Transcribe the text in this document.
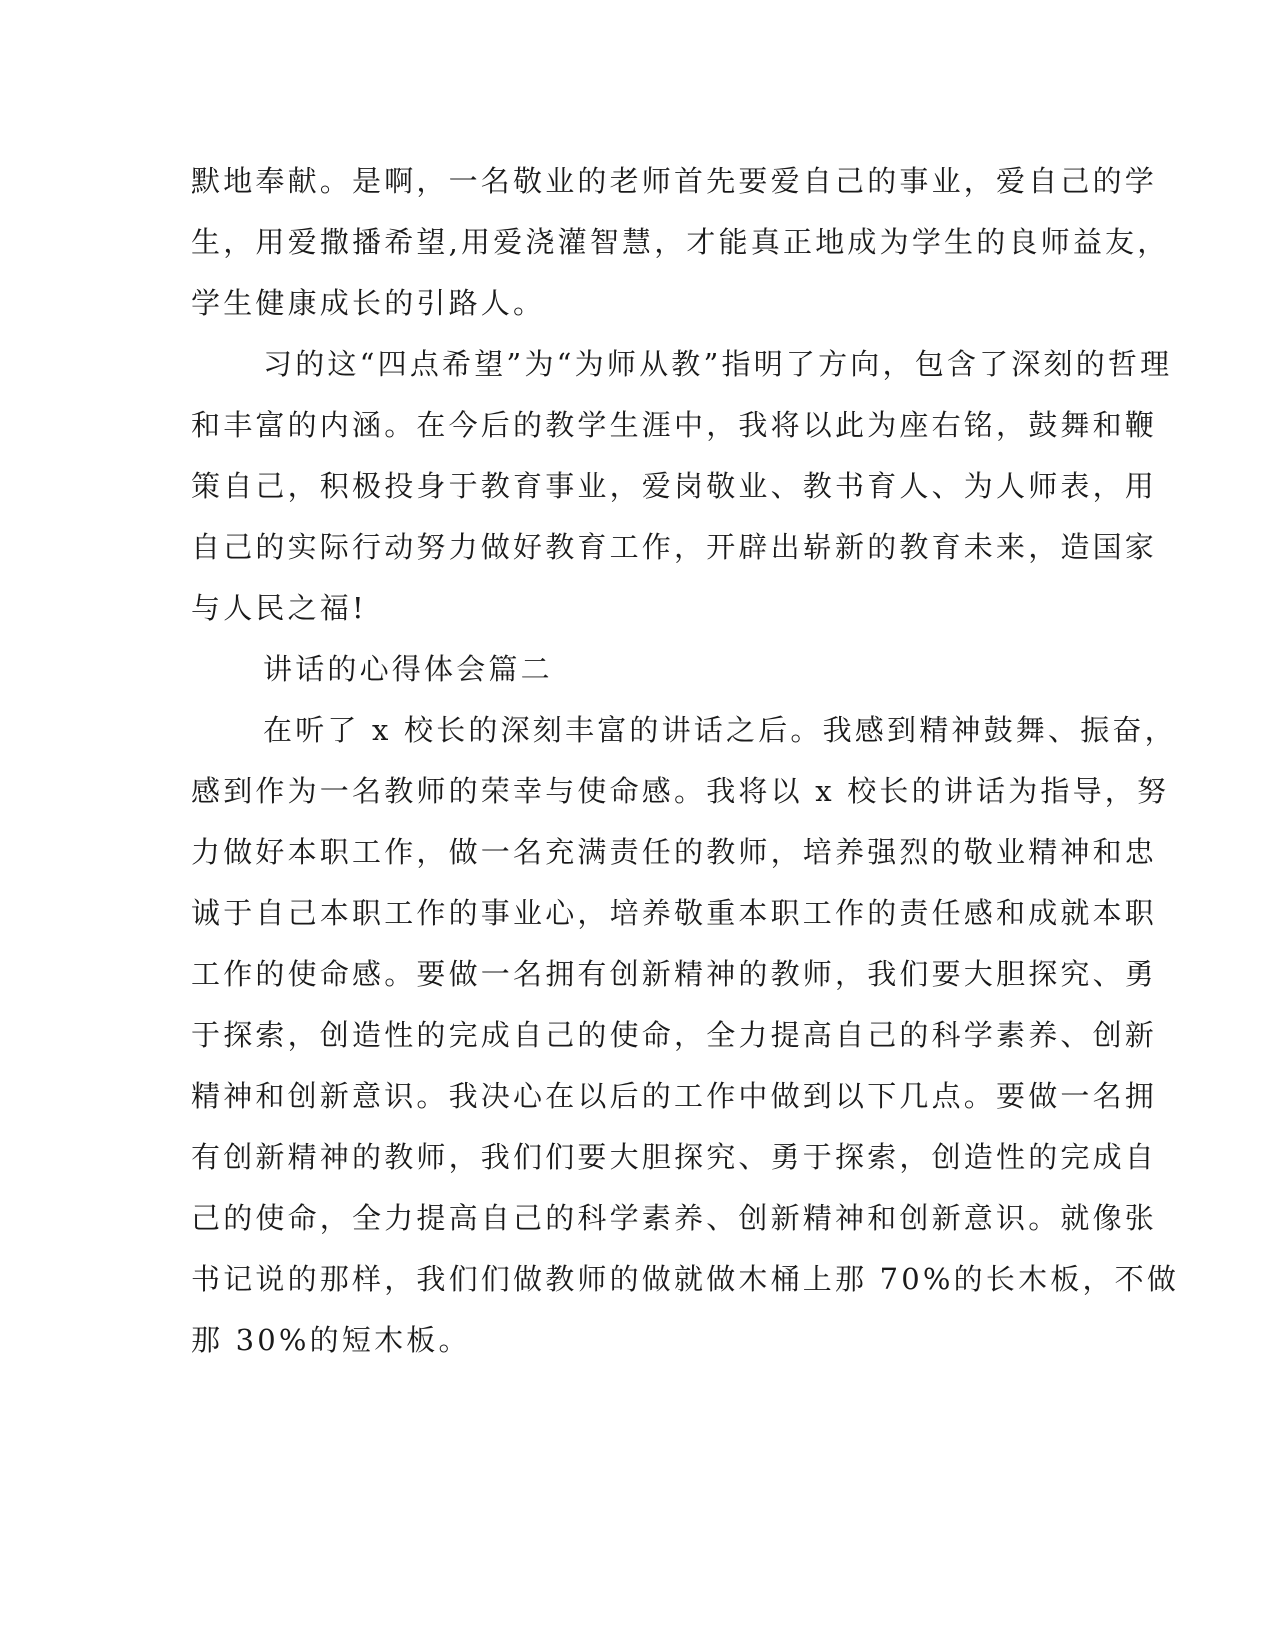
默地奉献。是啊，一名敬业的老师首先要爱自己的事业，爱自己的学
生，用爱撒播希望,用爱浇灌智慧，才能真正地成为学生的良师益友，
学生健康成长的引路人。
习的这“四点希望”为“为师从教”指明了方向，包含了深刻的哲理
和丰富的内涵。在今后的教学生涯中，我将以此为座右铭，鼓舞和鞭
策自己，积极投身于教育事业，爱岗敬业、教书育人、为人师表，用
自己的实际行动努力做好教育工作，开辟出崭新的教育未来，造国家
与人民之福!
讲话的心得体会篇二
在听了 x 校长的深刻丰富的讲话之后。我感到精神鼓舞、振奋，
感到作为一名教师的荣幸与使命感。我将以 x 校长的讲话为指导，努
力做好本职工作，做一名充满责任的教师，培养强烈的敬业精神和忠
诚于自己本职工作的事业心，培养敬重本职工作的责任感和成就本职
工作的使命感。要做一名拥有创新精神的教师，我们要大胆探究、勇
于探索，创造性的完成自己的使命，全力提高自己的科学素养、创新
精神和创新意识。我决心在以后的工作中做到以下几点。要做一名拥
有创新精神的教师，我们们要大胆探究、勇于探索，创造性的完成自
己的使命，全力提高自己的科学素养、创新精神和创新意识。就像张
书记说的那样，我们们做教师的做就做木桶上那 70%的长木板，不做
那 30%的短木板。
